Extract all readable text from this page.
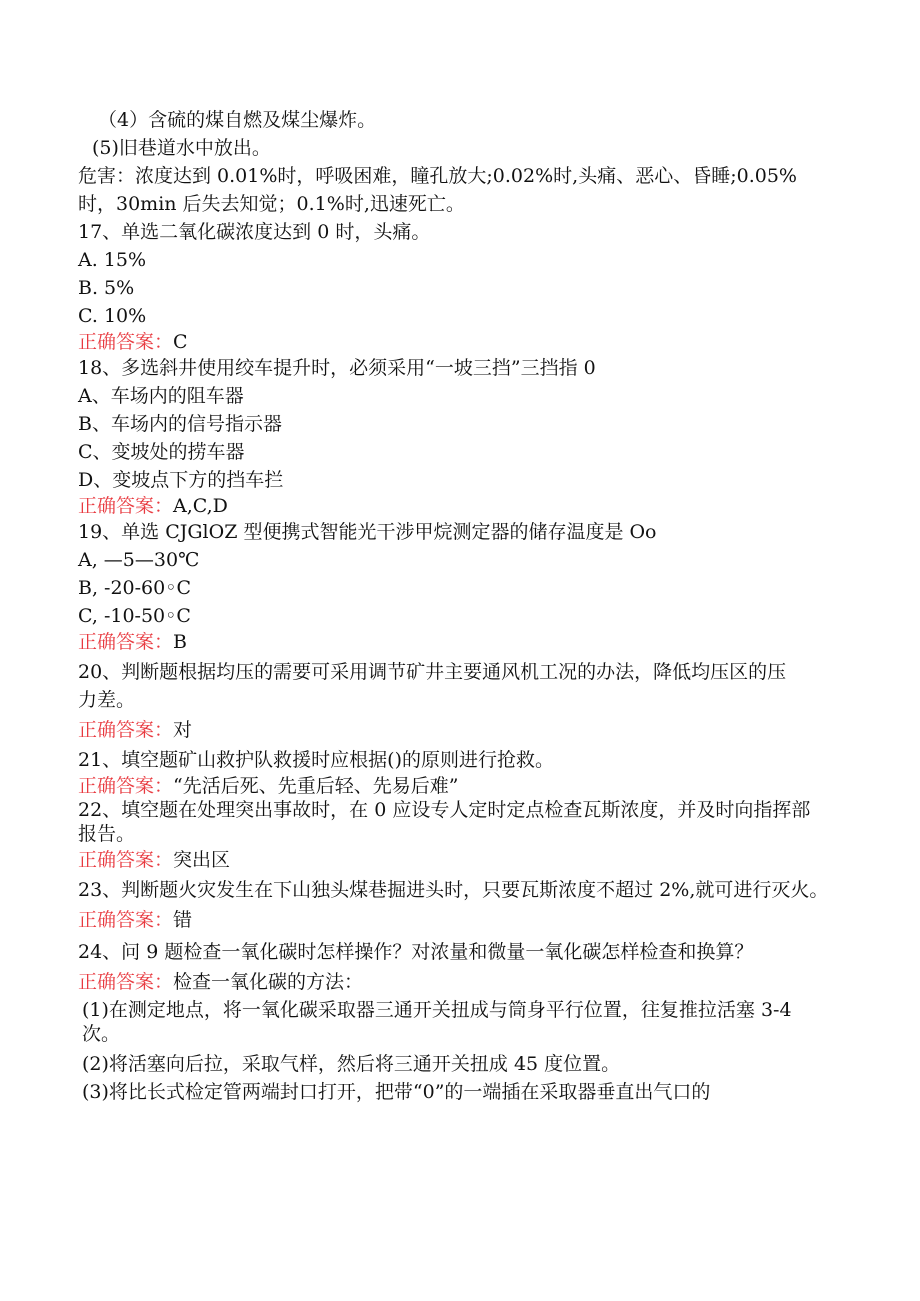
（4）含硫的煤自燃及煤尘爆炸。
(5)旧巷道水中放出。
危害：浓度达到 0.01%时，呼吸困难，瞳孔放大;0.02%时,头痛、恶心、昏睡;0.05%时，30min 后失去知觉；0.1%时,迅速死亡。
17、单选二氧化碳浓度达到 0 时，头痛。
A. 15%
B. 5%
C. 10%
正确答案：C
18、多选斜井使用绞车提升时，必须采用“一坡三挡”三挡指 0
A、车场内的阻车器
B、车场内的信号指示器
C、变坡处的捞车器
D、变坡点下方的挡车拦
正确答案：A,C,D
19、单选 CJGlOZ 型便携式智能光干涉甲烷测定器的储存温度是 Oo
A, —5—30℃
B, -20-60◦C
C, -10-50◦C
正确答案：B
20、判断题根据均压的需要可采用调节矿井主要通风机工况的办法，降低均压区的压力差。
正确答案：对
21、填空题矿山救护队救援时应根据()的原则进行抢救。
正确答案：“先活后死、先重后轻、先易后难”
22、填空题在处理突出事故时，在 0 应设专人定时定点检查瓦斯浓度，并及时向指挥部报告。
正确答案：突出区
23、判断题火灾发生在下山独头煤巷掘进头时，只要瓦斯浓度不超过 2%,就可进行灭火。
正确答案：错
24、问 9 题检查一氧化碳时怎样操作？对浓量和微量一氧化碳怎样检查和换算？
正确答案：检查一氧化碳的方法：
(1)在测定地点，将一氧化碳采取器三通开关扭成与筒身平行位置，往复推拉活塞 3-4 次。
(2)将活塞向后拉，采取气样，然后将三通开关扭成 45 度位置。
(3)将比长式检定管两端封口打开，把带“0”的一端插在采取器垂直出气口的
